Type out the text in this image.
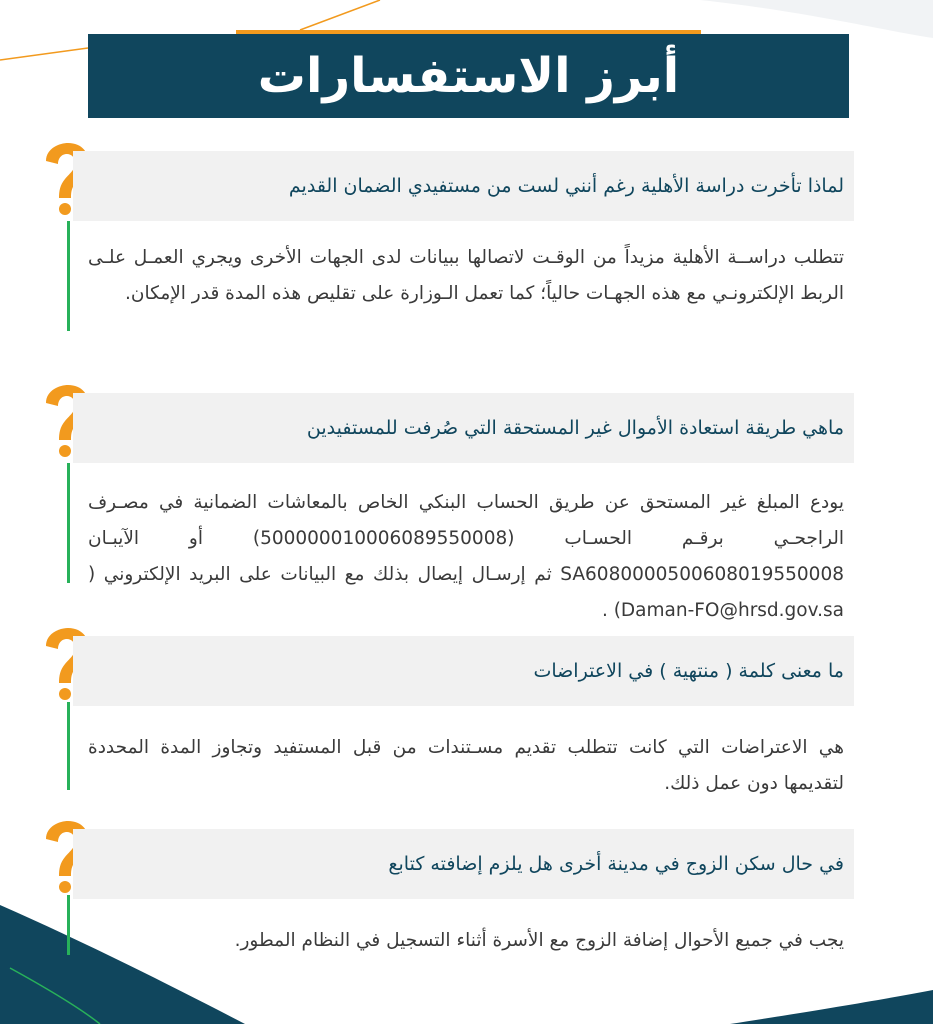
أبرز الاستفسارات
لماذا تأخرت دراسة الأهلية رغم أنني لست من مستفيدي الضمان القديم
تتطلب دراســة الأهلية مزيداً من الوقـت لاتصالها ببيانات لدى الجهات الأخرى ويجري العمـل علـى الربط الإلكترونـي مع هذه الجهـات حالياً؛ كما تعمل الـوزارة على تقليص هذه المدة قدر الإمكان.
ماهي طريقة استعادة الأموال غير المستحقة التي صُرفت للمستفيدين
يودع المبلغ غير المستحق عن طريق الحساب البنكي الخاص بالمعاشات الضمانية في مصـرف الراجحـي برقـم الحسـاب (500000010006089550008) أو الآيبـان SA6080000500608019550008 ثم إرسـال إيصال بذلك مع البيانات على البريد الإلكتروني ( Daman-FO@hrsd.gov.sa) .
ما معنى كلمة ( منتهية ) في الاعتراضات
هي الاعتراضات التي كانت تتطلب تقديم مسـتندات من قبل المستفيد وتجاوز المدة المحددة لتقديمها دون عمل ذلك.
في حال سكن الزوج في مدينة أخرى هل يلزم إضافته كتابع
يجب في جميع الأحوال إضافة الزوج مع الأسرة أثناء التسجيل في النظام المطور.
